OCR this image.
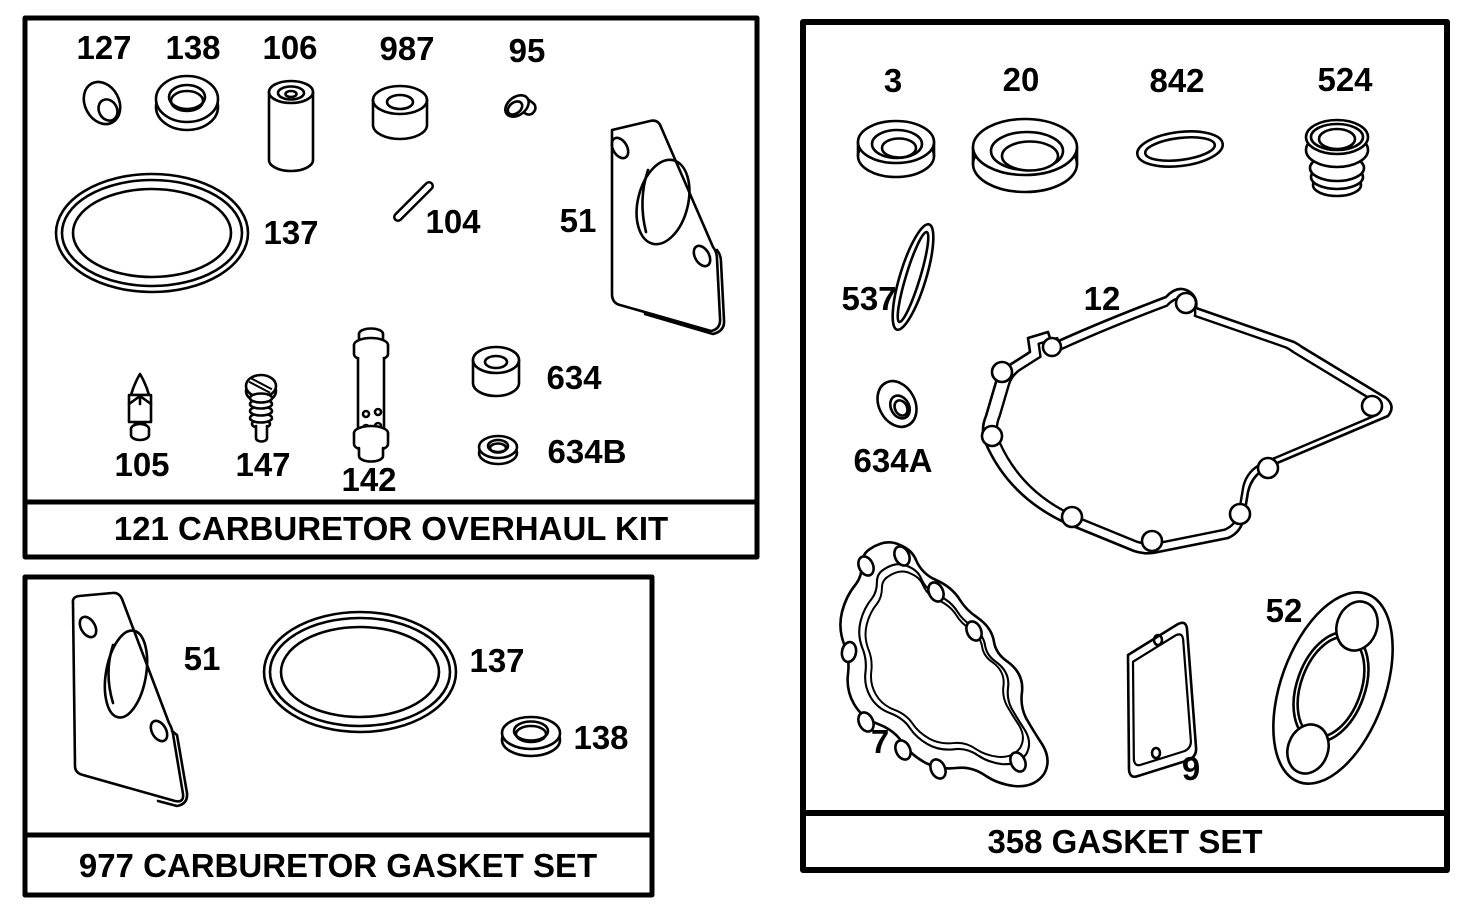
127 138 106 987 95
137	104 51
105 147 142
634
634B
51	137
138
3	20	842	524
537	12
634A
7
9
52
121 CARBURETOR OVERHAUL KIT
977 CARBURETOR GASKET SET
358 GASKET SET
